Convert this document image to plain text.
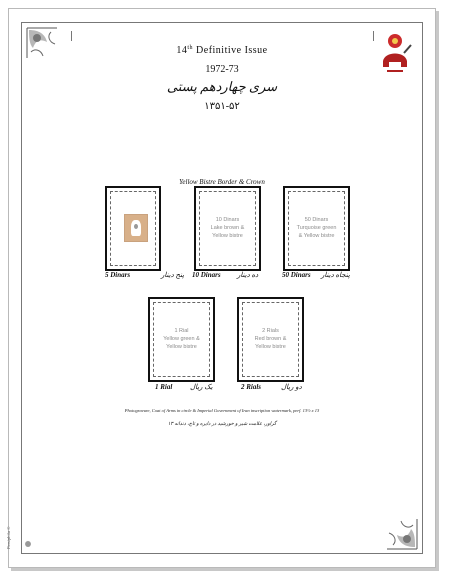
14th Definitive Issue
1972-73
سری چهاردهم پستی
۱۳۵۱-۵۲
Yellow Bistre Border & Crown
5 Dinars	پنج دینار
10 Dinars
Lake brown &
Yellow bistre
10 Dinars ده دینار
50 Dinars
Turquoise green
& Yellow bistre
50 Dinars پنجاه دینار
1 Rial
Yellow green &
Yellow bistre
1 Rial	یک ریال
2 Rials
Red brown &
Yellow bistre
2 Rials	دو ریال
Photogravure, Coat of Arms in circle & Imperial Government of Iran inscription watermark, perf. 13½ x 13
گراور، علامت شیر و خورشید در دایره و تاج، دندانه ۱۳
Persiphila ©
